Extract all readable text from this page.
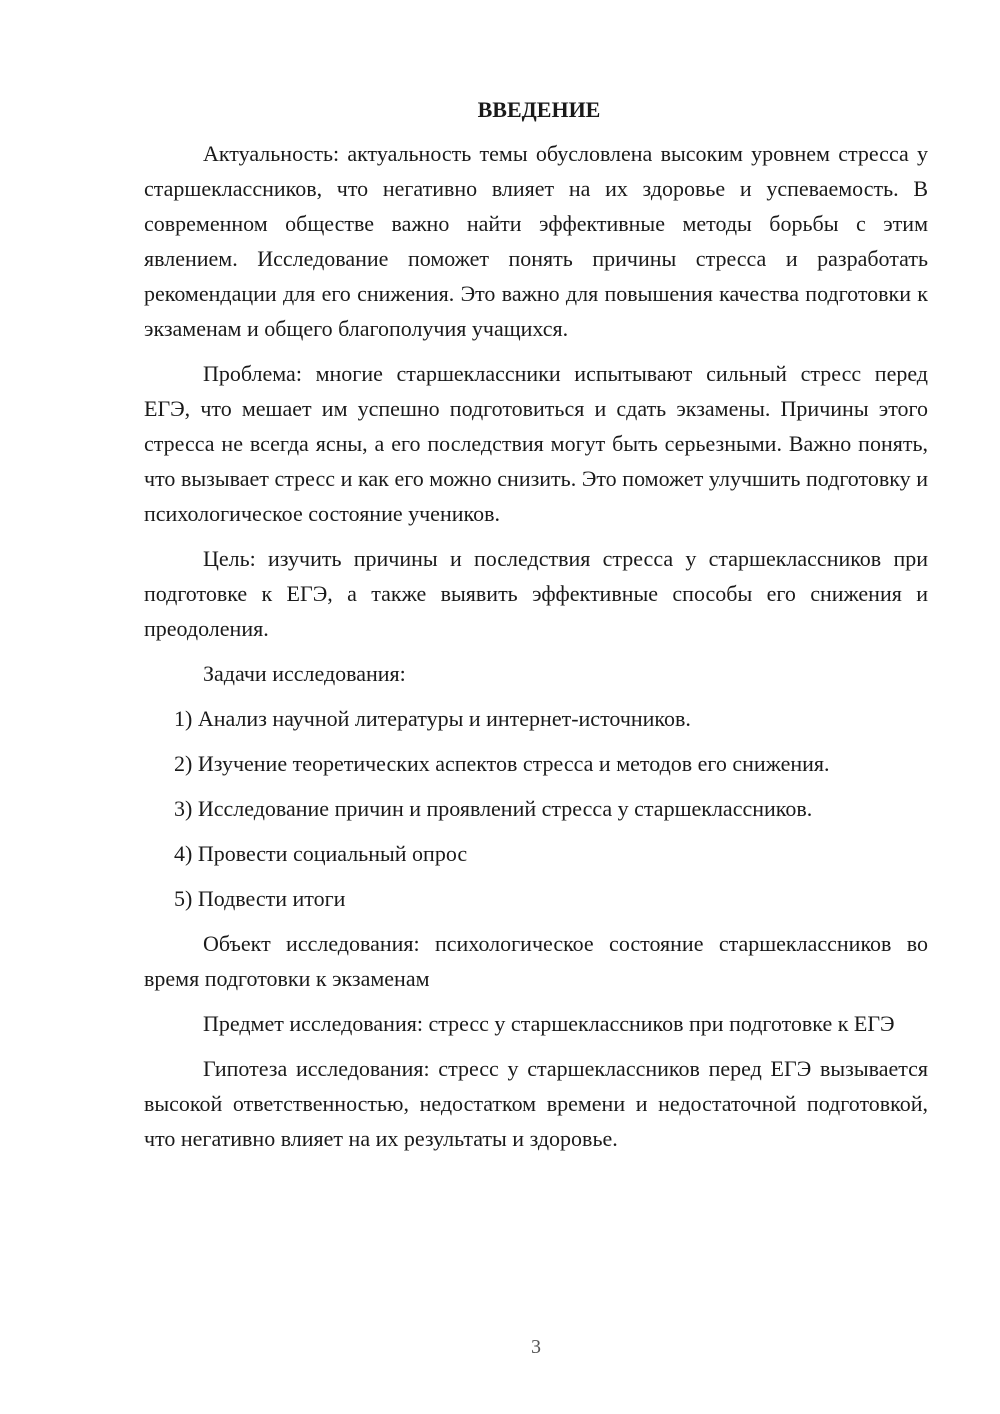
ВВЕДЕНИЕ

Актуальность: актуальность темы обусловлена высоким уровнем стресса у старшеклассников, что негативно влияет на их здоровье и успеваемость. В современном обществе важно найти эффективные методы борьбы с этим явлением. Исследование поможет понять причины стресса и разработать рекомендации для его снижения. Это важно для повышения качества подготовки к экзаменам и общего благополучия учащихся.

Проблема: многие старшеклассники испытывают сильный стресс перед ЕГЭ, что мешает им успешно подготовиться и сдать экзамены. Причины этого стресса не всегда ясны, а его последствия могут быть серьезными. Важно понять, что вызывает стресс и как его можно снизить. Это поможет улучшить подготовку и психологическое состояние учеников.

Цель: изучить причины и последствия стресса у старшеклассников при подготовке к ЕГЭ, а также выявить эффективные способы его снижения и преодоления.

Задачи исследования:

1) Анализ научной литературы и интернет-источников.
2) Изучение теоретических аспектов стресса и методов его снижения.
3) Исследование причин и проявлений стресса у старшеклассников.
4) Провести социальный опрос
5) Подвести итоги

Объект исследования: психологическое состояние старшеклассников во время подготовки к экзаменам

Предмет исследования: стресс у старшеклассников при подготовке к ЕГЭ

Гипотеза исследования: стресс у старшеклассников перед ЕГЭ вызывается высокой ответственностью, недостатком времени и недостаточной подготовкой, что негативно влияет на их результаты и здоровье.

3
